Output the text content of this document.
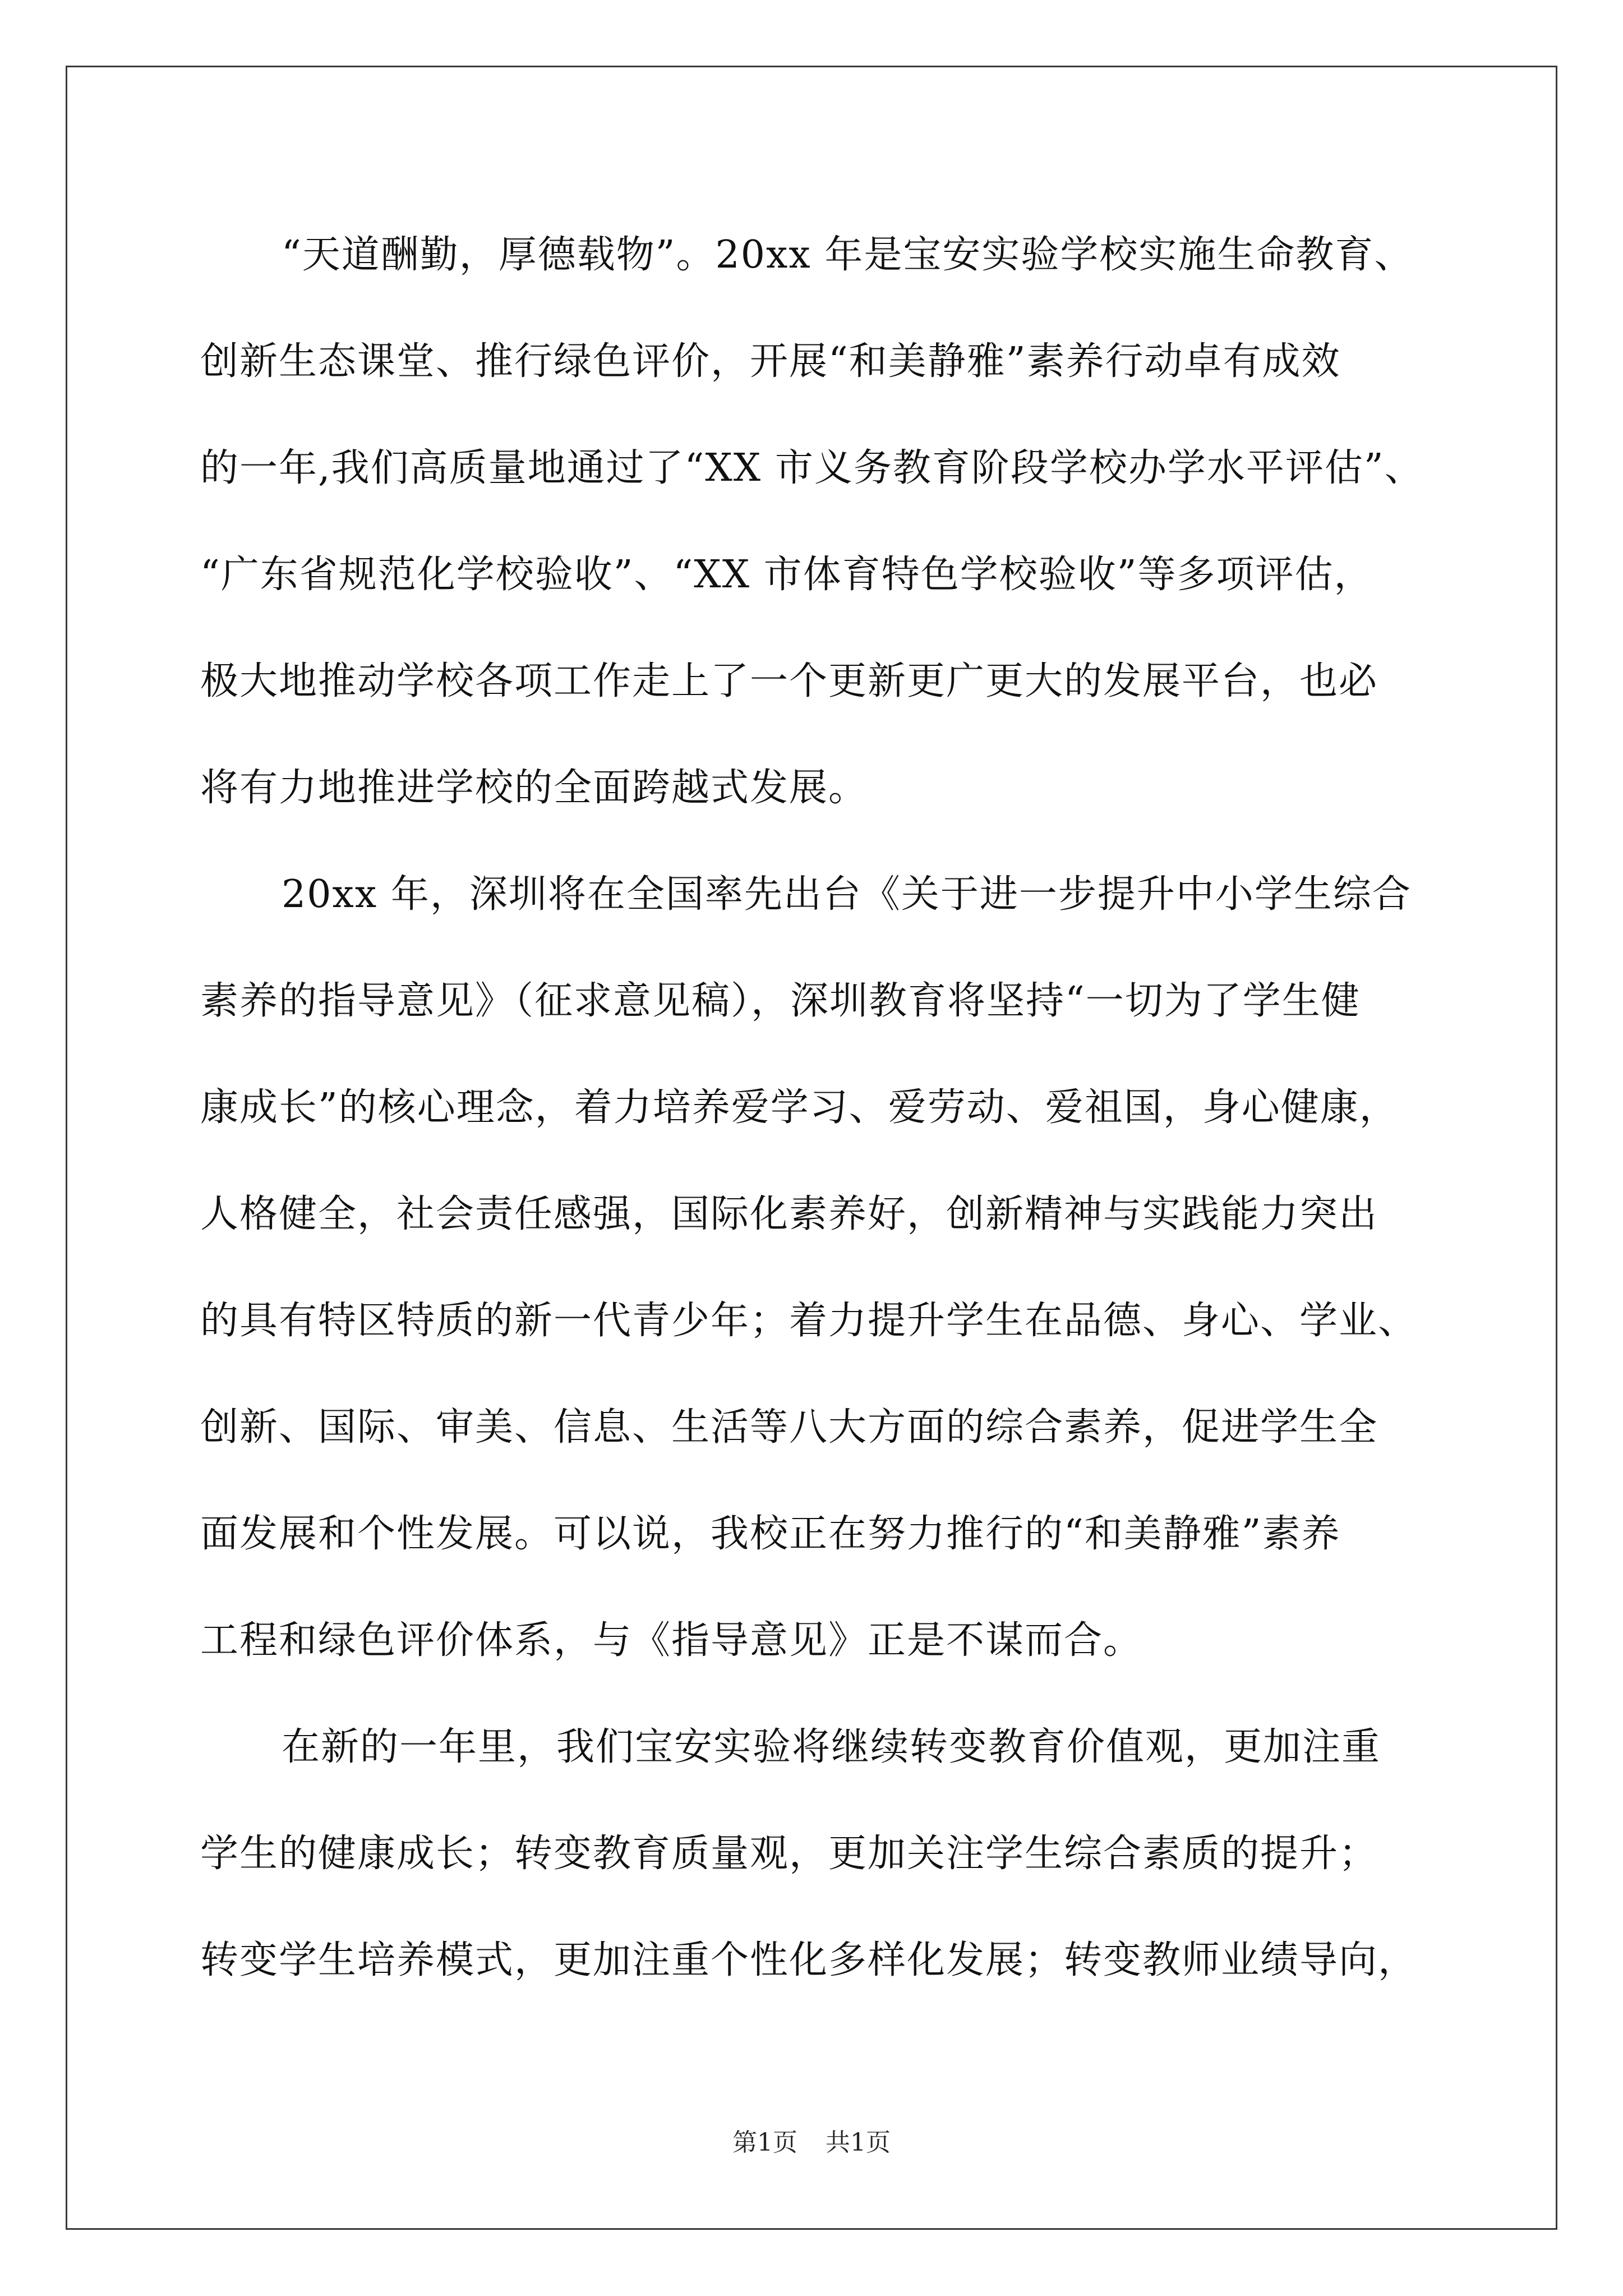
“天道酬勤，厚德载物”。20xx 年是宝安实验学校实施生命教育、
创新生态课堂、推行绿色评价，开展“和美静雅”素养行动卓有成效
的一年,我们高质量地通过了“XX 市义务教育阶段学校办学水平评估”、
“广东省规范化学校验收”、“XX 市体育特色学校验收”等多项评估，
极大地推动学校各项工作走上了一个更新更广更大的发展平台，也必
将有力地推进学校的全面跨越式发展。
20xx 年，深圳将在全国率先出台《关于进一步提升中小学生综合
素养的指导意见》（征求意见稿），深圳教育将坚持“一切为了学生健
康成长”的核心理念，着力培养爱学习、爱劳动、爱祖国，身心健康，
人格健全，社会责任感强，国际化素养好，创新精神与实践能力突出
的具有特区特质的新一代青少年；着力提升学生在品德、身心、学业、
创新、国际、审美、信息、生活等八大方面的综合素养，促进学生全
面发展和个性发展。可以说，我校正在努力推行的“和美静雅”素养
工程和绿色评价体系，与《指导意见》正是不谋而合。
在新的一年里，我们宝安实验将继续转变教育价值观，更加注重
学生的健康成长；转变教育质量观，更加关注学生综合素质的提升；
转变学生培养模式，更加注重个性化多样化发展；转变教师业绩导向，
第1页 共1页
